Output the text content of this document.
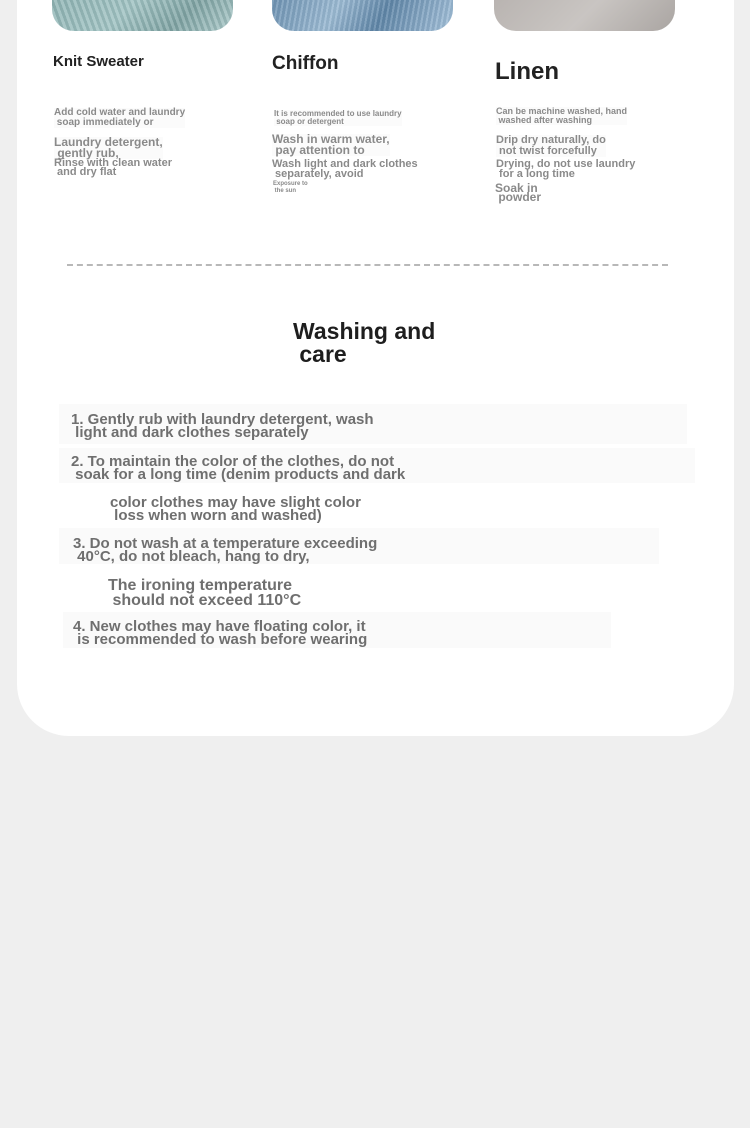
Knit Sweater
Add cold water and laundry
soap immediately or
Laundry detergent,
gently rub,
Rinse with clean water
and dry flat
Chiffon
It is recommended to use laundry
soap or detergent
Wash in warm water,
pay attention to
Wash light and dark clothes
separately, avoid
Exposure to
the sun
Linen
Can be machine washed, hand
washed after washing
Drip dry naturally, do
not twist forcefully
Drying, do not use laundry
for a long time
Soak in
powder
Washing and
care
1. Gently rub with laundry detergent, wash
light and dark clothes separately
2. To maintain the color of the clothes, do not
soak for a long time (denim products and dark
color clothes may have slight color
loss when worn and washed)
3. Do not wash at a temperature exceeding
40°C, do not bleach, hang to dry,
The ironing temperature
should not exceed 110°C
4. New clothes may have floating color, it
is recommended to wash before wearing
